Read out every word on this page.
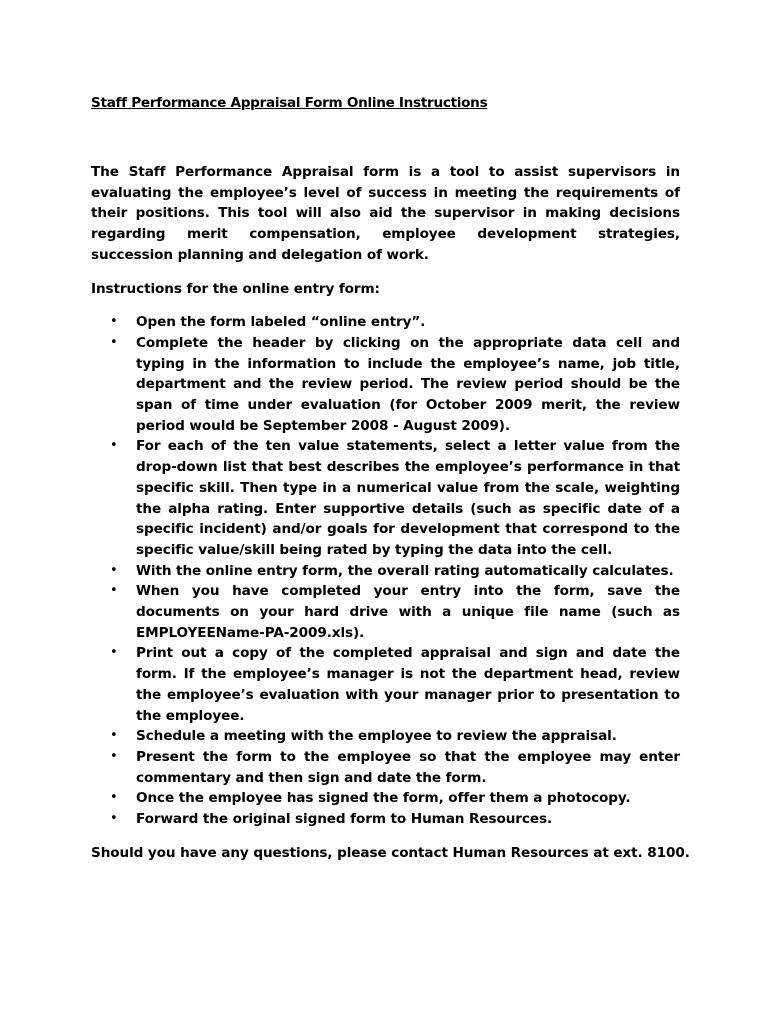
Staff Performance Appraisal Form Online Instructions

The Staff Performance Appraisal form is a tool to assist supervisors in evaluating the employee’s level of success in meeting the requirements of their positions. This tool will also aid the supervisor in making decisions regarding merit compensation, employee development strategies, succession planning and delegation of work.

Instructions for the online entry form:

• Open the form labeled “online entry”.
• Complete the header by clicking on the appropriate data cell and typing in the information to include the employee’s name, job title, department and the review period. The review period should be the span of time under evaluation (for October 2009 merit, the review period would be September 2008 - August 2009).
• For each of the ten value statements, select a letter value from the drop-down list that best describes the employee’s performance in that specific skill. Then type in a numerical value from the scale, weighting the alpha rating. Enter supportive details (such as specific date of a specific incident) and/or goals for development that correspond to the specific value/skill being rated by typing the data into the cell.
• With the online entry form, the overall rating automatically calculates.
• When you have completed your entry into the form, save the documents on your hard drive with a unique file name (such as EMPLOYEEName-PA-2009.xls).
• Print out a copy of the completed appraisal and sign and date the form. If the employee’s manager is not the department head, review the employee’s evaluation with your manager prior to presentation to the employee.
• Schedule a meeting with the employee to review the appraisal.
• Present the form to the employee so that the employee may enter commentary and then sign and date the form.
• Once the employee has signed the form, offer them a photocopy.
• Forward the original signed form to Human Resources.

Should you have any questions, please contact Human Resources at ext. 8100.
